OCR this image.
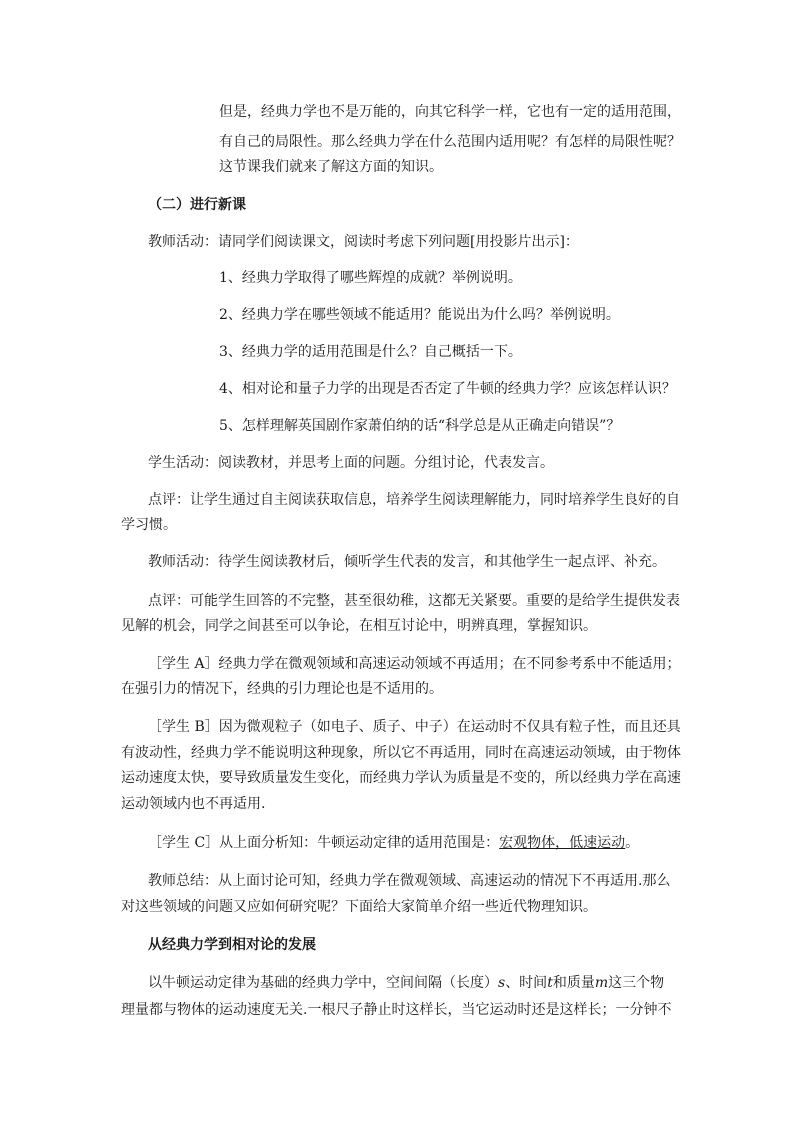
但是，经典力学也不是万能的，向其它科学一样，它也有一定的适用范围，
有自己的局限性。那么经典力学在什么范围内适用呢？有怎样的局限性呢？
这节课我们就来了解这方面的知识。
（二）进行新课
教师活动：请同学们阅读课文，阅读时考虑下列问题[用投影片出示]：
1、经典力学取得了哪些辉煌的成就？举例说明。
2、经典力学在哪些领域不能适用？能说出为什么吗？举例说明。
3、经典力学的适用范围是什么？自己概括一下。
4、相对论和量子力学的出现是否否定了牛顿的经典力学？应该怎样认识？
5、怎样理解英国剧作家萧伯纳的话“科学总是从正确走向错误”？
学生活动：阅读教材，并思考上面的问题。分组讨论，代表发言。
点评：让学生通过自主阅读获取信息，培养学生阅读理解能力，同时培养学生良好的自
学习惯。
教师活动：待学生阅读教材后，倾听学生代表的发言，和其他学生一起点评、补充。
点评：可能学生回答的不完整，甚至很幼稚，这都无关紧要。重要的是给学生提供发表
见解的机会，同学之间甚至可以争论，在相互讨论中，明辨真理，掌握知识。
［学生 A］经典力学在微观领域和高速运动领域不再适用；在不同参考系中不能适用；
在强引力的情况下，经典的引力理论也是不适用的。
［学生 B］因为微观粒子（如电子、质子、中子）在运动时不仅具有粒子性，而且还具
有波动性，经典力学不能说明这种现象，所以它不再适用，同时在高速运动领域，由于物体
运动速度太快，要导致质量发生变化，而经典力学认为质量是不变的，所以经典力学在高速
运动领域内也不再适用.
［学生 C］从上面分析知：牛顿运动定律的适用范围是：宏观物体，低速运动。
教师总结：从上面讨论可知，经典力学在微观领域、高速运动的情况下不再适用.那么
对这些领域的问题又应如何研究呢？下面给大家简单介绍一些近代物理知识。
从经典力学到相对论的发展
以牛顿运动定律为基础的经典力学中，空间间隔（长度）s、时间t和质量m这三个物
理量都与物体的运动速度无关.一根尺子静止时这样长，当它运动时还是这样长；一分钟不
